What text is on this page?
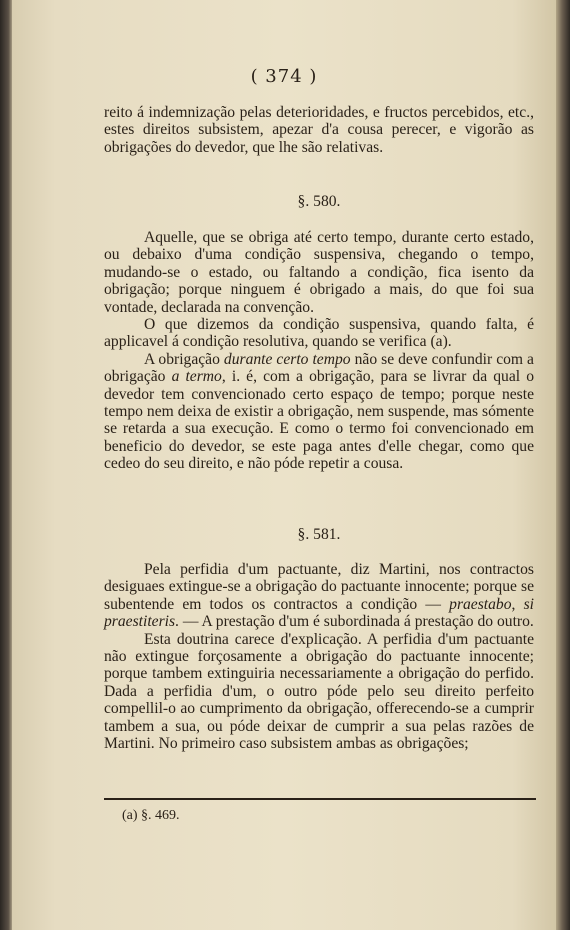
( 374 )

reito á indemnização pelas deterioridades, e fructos percebidos, etc., estes direitos subsistem, apezar d'a cousa perecer, e vigorão as obrigações do devedor, que lhe são relativas.

§. 580.

Aquelle, que se obriga até certo tempo, durante certo estado, ou debaixo d'uma condição suspensiva, chegando o tempo, mudando-se o estado, ou faltando a condição, fica isento da obrigação; porque ninguem é obrigado a mais, do que foi sua vontade, declarada na convenção.

O que dizemos da condição suspensiva, quando falta, é applicavel á condição resolutiva, quando se verifica (a).

A obrigação durante certo tempo não se deve confundir com a obrigação a termo, i. é, com a obrigação, para se livrar da qual o devedor tem convencionado certo espaço de tempo; porque neste tempo nem deixa de existir a obrigação, nem suspende, mas sómente se retarda a sua execução. E como o termo foi convencionado em beneficio do devedor, se este paga antes d'elle chegar, como que cedeo do seu direito, e não póde repetir a cousa.

§. 581.

Pela perfidia d'um pactuante, diz Martini, nos contractos desiguaes extingue-se a obrigação do pactuante innocente; porque se subentende em todos os contractos a condição — praestabo, si praestiteris. — A prestação d'um é subordinada á prestação do outro.

Esta doutrina carece d'explicação. A perfidia d'um pactuante não extingue forçosamente a obrigação do pactuante innocente; porque tambem extinguiria necessariamente a obrigação do perfido. Dada a perfidia d'um, o outro póde pelo seu direito perfeito compellil-o ao cumprimento da obrigação, offerecendo-se a cumprir tambem a sua, ou póde deixar de cumprir a sua pelas razões de Martini. No primeiro caso subsistem ambas as obrigações;

(a) §. 469.
